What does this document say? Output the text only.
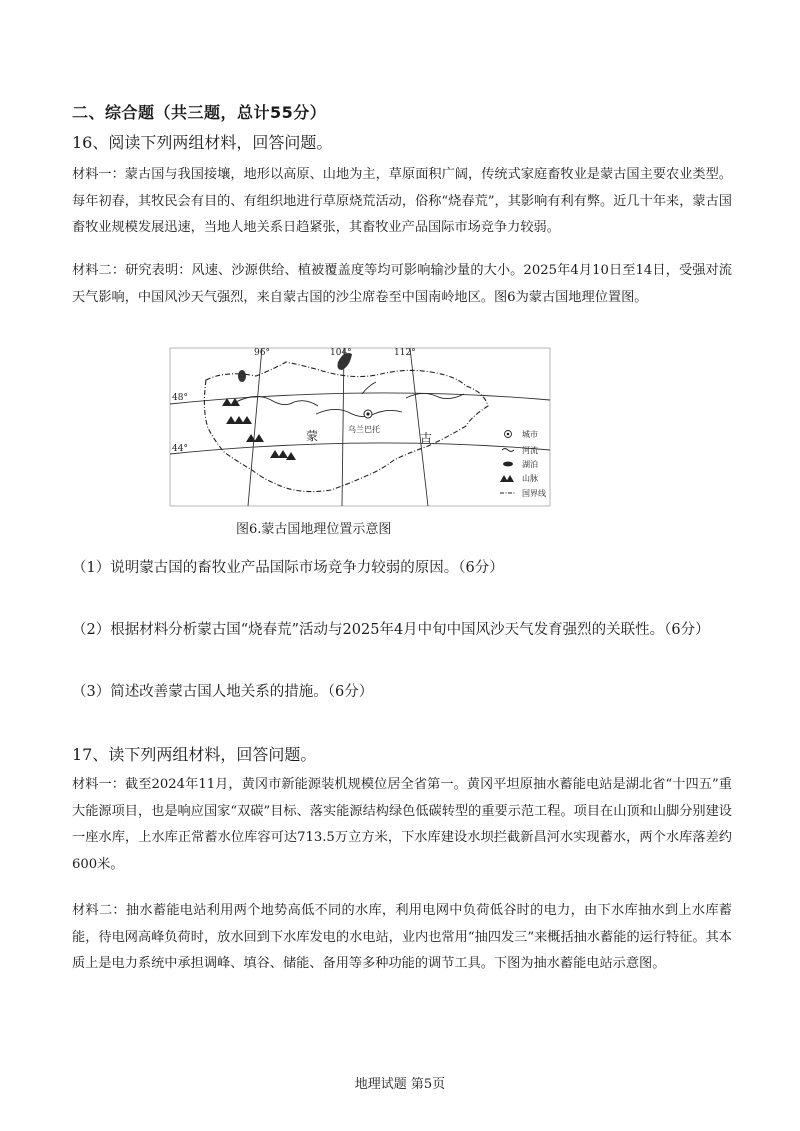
二、综合题（共三题，总计55分）
16、阅读下列两组材料，回答问题。

材料一：蒙古国与我国接壤，地形以高原、山地为主，草原面积广阔，传统式家庭畜牧业是蒙古国主要农业类型。每年初春，其牧民会有目的、有组织地进行草原烧荒活动，俗称“烧春荒”，其影响有利有弊。近几十年来，蒙古国畜牧业规模发展迅速，当地人地关系日趋紧张，其畜牧业产品国际市场竞争力较弱。

材料二：研究表明：风速、沙源供给、植被覆盖度等均可影响输沙量的大小。2025年4月10日至14日，受强对流天气影响，中国风沙天气强烈，来自蒙古国的沙尘席卷至中国南岭地区。图6为蒙古国地理位置图。

96°	104°	112°
48°
44°
乌兰巴托
蒙	古	城市
河流
湖泊
山脉
国界线
图6.蒙古国地理位置示意图
（1）说明蒙古国的畜牧业产品国际市场竞争力较弱的原因。（6分）
（2）根据材料分析蒙古国“烧春荒”活动与2025年4月中旬中国风沙天气发育强烈的关联性。（6分）
（3）简述改善蒙古国人地关系的措施。（6分）
17、读下列两组材料，回答问题。

材料一：截至2024年11月，黄冈市新能源装机规模位居全省第一。黄冈平坦原抽水蓄能电站是湖北省“十四五”重大能源项目，也是响应国家“双碳”目标、落实能源结构绿色低碳转型的重要示范工程。项目在山顶和山脚分别建设一座水库，上水库正常蓄水位库容可达713.5万立方米，下水库建设水坝拦截新昌河水实现蓄水，两个水库落差约600米。

材料二：抽水蓄能电站利用两个地势高低不同的水库，利用电网中负荷低谷时的电力，由下水库抽水到上水库蓄能，待电网高峰负荷时，放水回到下水库发电的水电站，业内也常用“抽四发三”来概括抽水蓄能的运行特征。其本质上是电力系统中承担调峰、填谷、储能、备用等多种功能的调节工具。下图为抽水蓄能电站示意图。

地理试题 第5页
